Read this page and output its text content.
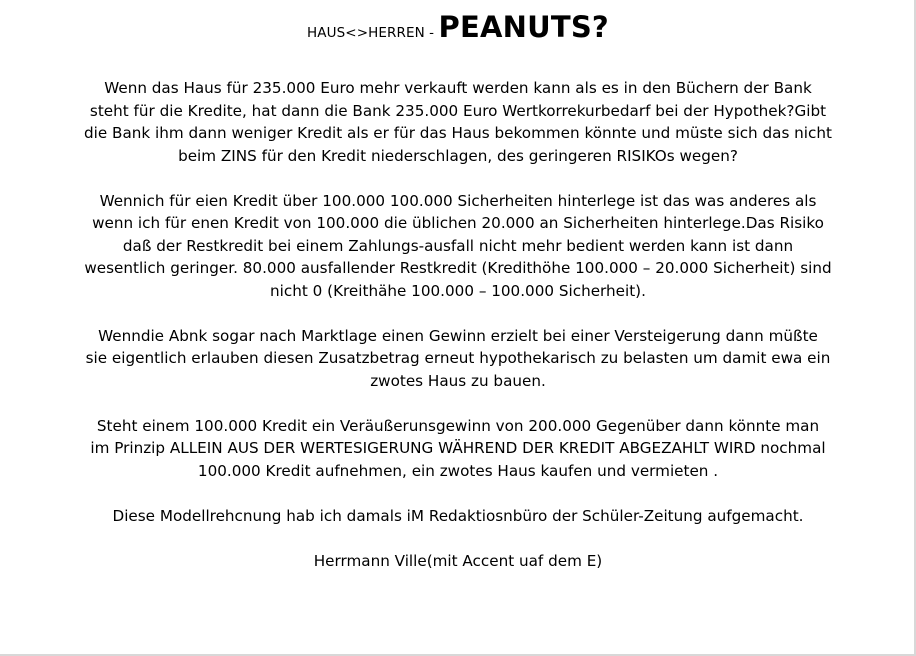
HAUS<>HERREN - PEANUTS?
Wenn das Haus für 235.000 Euro mehr verkauft werden kann als es in den Büchern der Bank
steht für die Kredite, hat dann die Bank 235.000 Euro Wertkorrekurbedarf bei der Hypothek?Gibt
die Bank ihm dann weniger Kredit als er für das Haus bekommen könnte und müste sich das nicht
beim ZINS für den Kredit niederschlagen, des geringeren RISIKOs wegen?
Wennich für eien Kredit über 100.000 100.000 Sicherheiten hinterlege ist das was anderes als
wenn ich für enen Kredit von 100.000 die üblichen 20.000 an Sicherheiten hinterlege.Das Risiko
daß der Restkredit bei einem Zahlungs-ausfall nicht mehr bedient werden kann ist dann
wesentlich geringer. 80.000 ausfallender Restkredit (Kredithöhe 100.000 – 20.000 Sicherheit) sind
nicht 0 (Kreithähe 100.000 – 100.000 Sicherheit).
Wenndie Abnk sogar nach Marktlage einen Gewinn erzielt bei einer Versteigerung dann müßte
sie eigentlich erlauben diesen Zusatzbetrag erneut hypothekarisch zu belasten um damit ewa ein
zwotes Haus zu bauen.
Steht einem 100.000 Kredit ein Veräußerunsgewinn von 200.000 Gegenüber dann könnte man
im Prinzip ALLEIN AUS DER WERTESIGERUNG WÄHREND DER KREDIT ABGEZAHLT WIRD nochmal
100.000 Kredit aufnehmen, ein zwotes Haus kaufen und vermieten .
Diese Modellrehcnung hab ich damals iM Redaktiosnbüro der Schüler-Zeitung aufgemacht.
Herrmann Ville(mit Accent uaf dem E)
